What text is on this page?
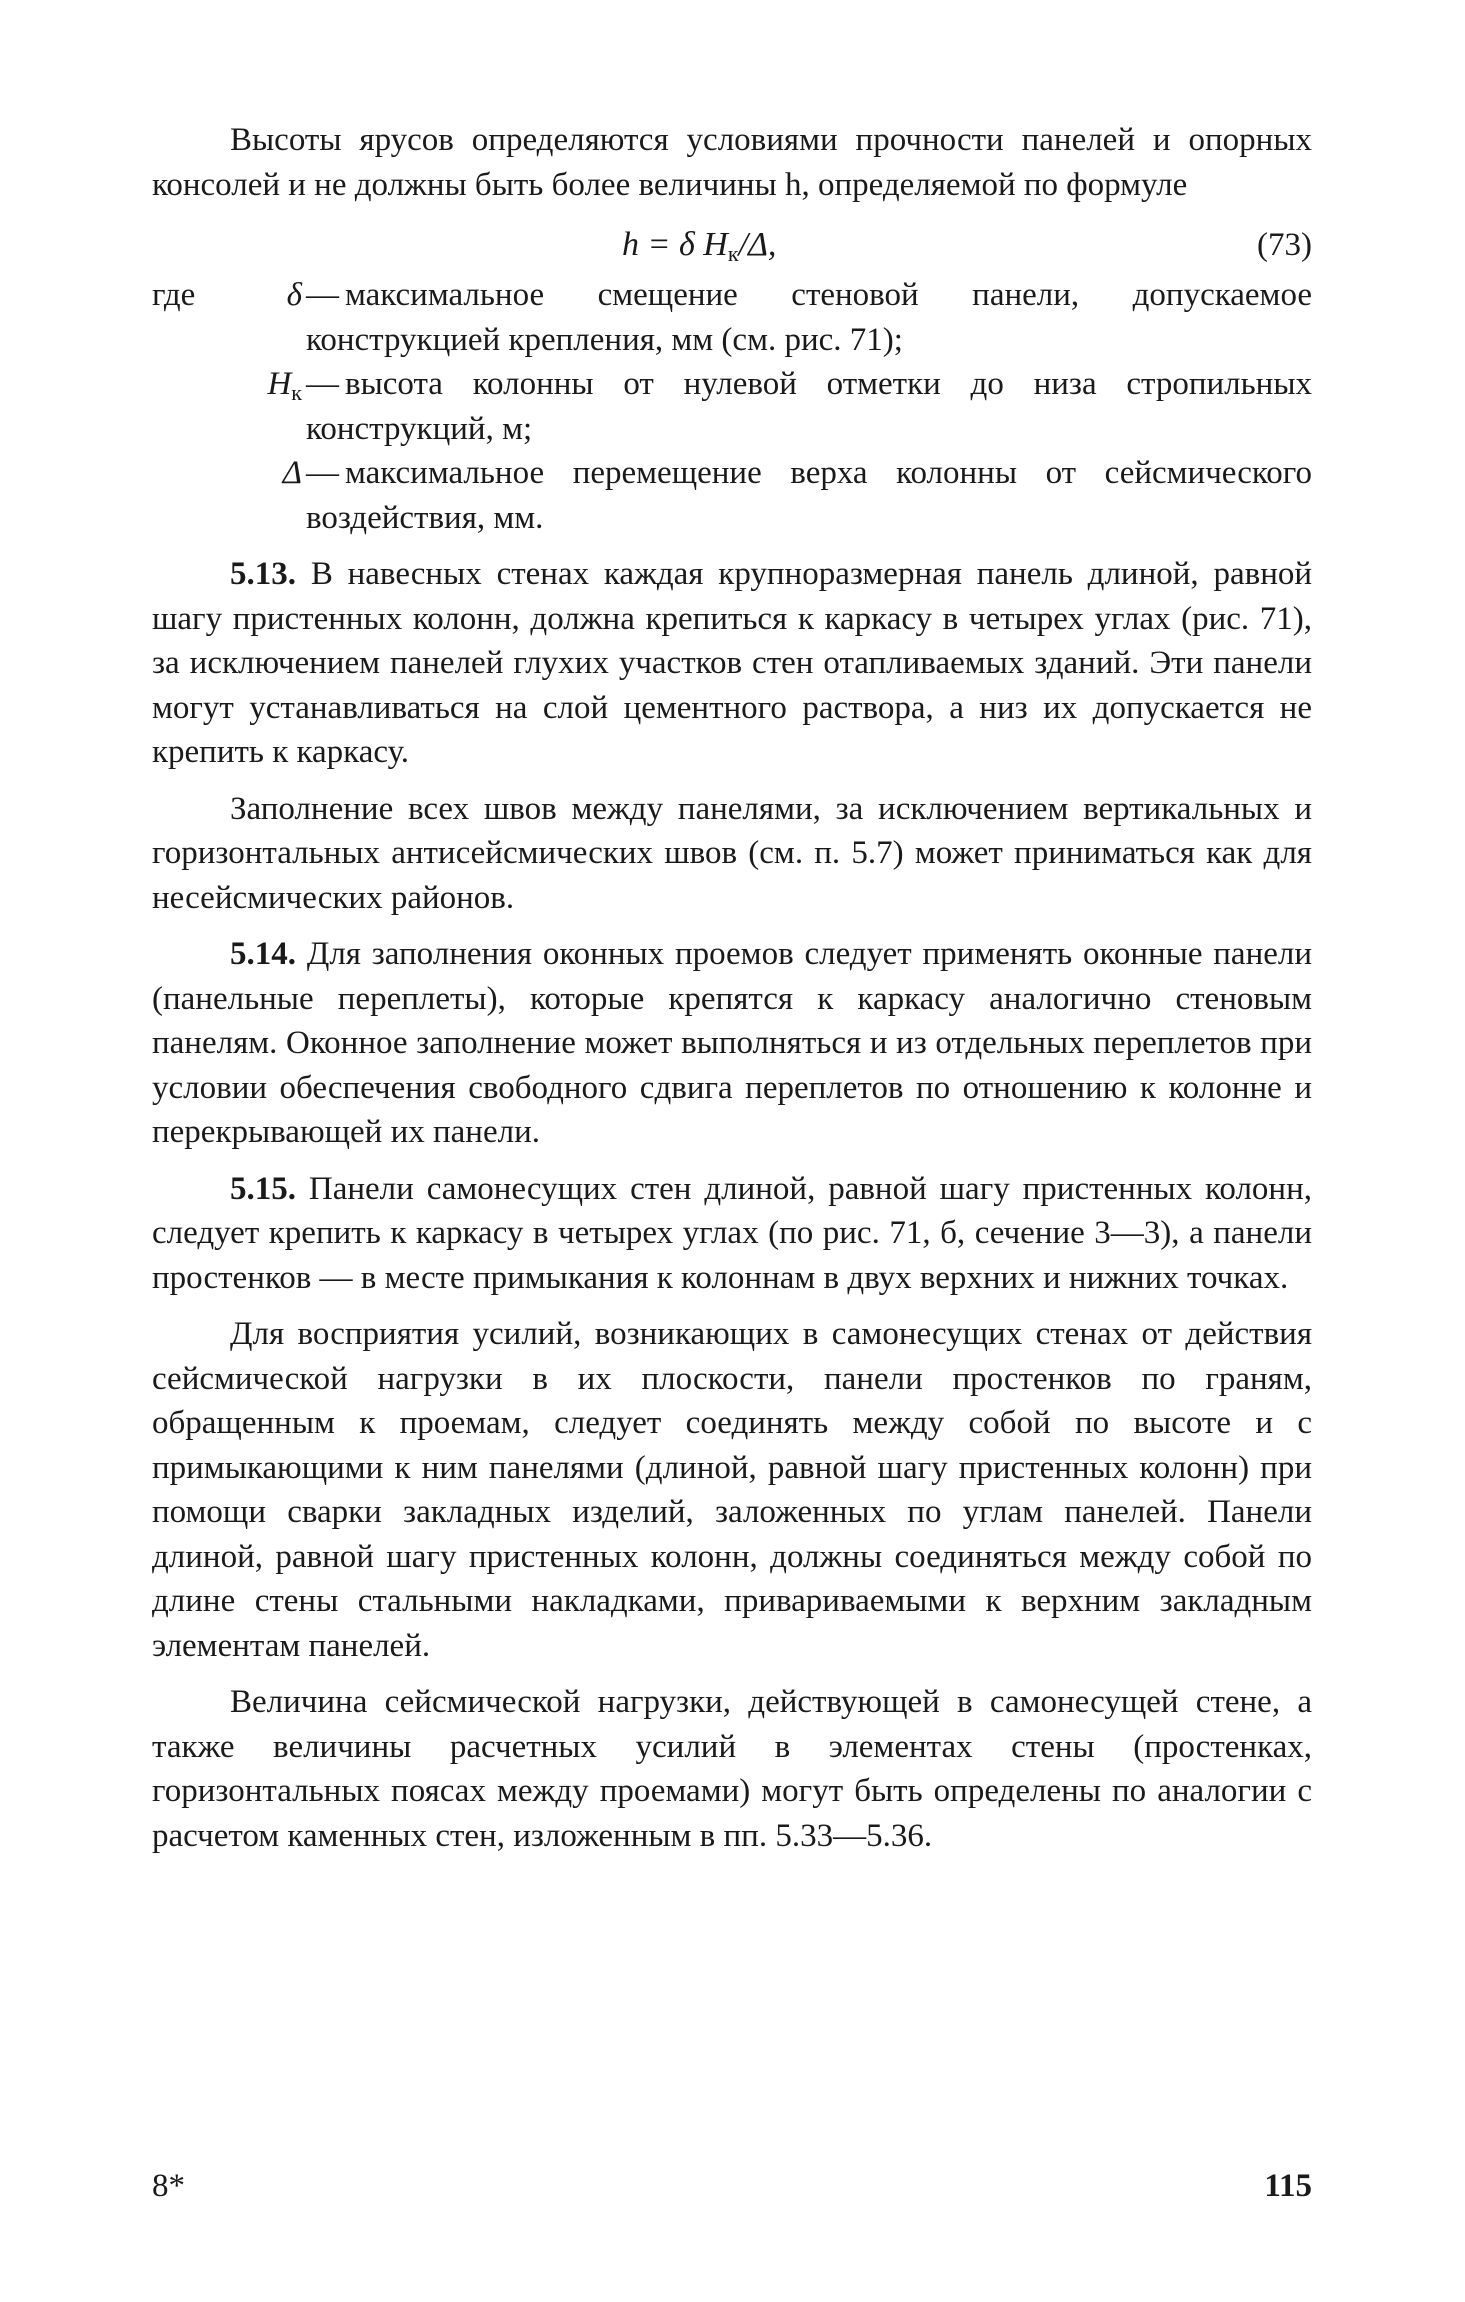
Высоты ярусов определяются условиями прочности панелей и опорных консолей и не должны быть более величины h, определяемой по формуле

h = δ $H_к/\Delta$,	(73)
где	δ — максимальное смещение стеновой панели, допускаемое конструкцией крепления, мм (см. рис. 71);
$H_к$ — высота колонны от нулевой отметки до низа стропильных конструкций, м;
Δ — максимальное перемещение верха колонны от сейсмического воздействия, мм.

5.13. В навесных стенах каждая крупноразмерная панель длиной, равной шагу пристенных колонн, должна крепиться к каркасу в четырех углах (рис. 71), за исключением панелей глухих участков стен отапливаемых зданий. Эти панели могут устанавливаться на слой цементного раствора, а низ их допускается не крепить к каркасу.

Заполнение всех швов между панелями, за исключением вертикальных и горизонтальных антисейсмических швов (см. п. 5.7) может приниматься как для несейсмических районов.

5.14. Для заполнения оконных проемов следует применять оконные панели (панельные переплеты), которые крепятся к каркасу аналогично стеновым панелям. Оконное заполнение может выполняться и из отдельных переплетов при условии обеспечения свободного сдвига переплетов по отношению к колонне и перекрывающей их панели.

5.15. Панели самонесущих стен длиной, равной шагу пристенных колонн, следует крепить к каркасу в четырех углах (по рис. 71, б, сечение 3—3), а панели простенков — в месте примыкания к колоннам в двух верхних и нижних точках.

Для восприятия усилий, возникающих в самонесущих стенах от действия сейсмической нагрузки в их плоскости, панели простенков по граням, обращенным к проемам, следует соединять между собой по высоте и с примыкающими к ним панелями (длиной, равной шагу пристенных колонн) при помощи сварки закладных изделий, заложенных по углам панелей. Панели длиной, равной шагу пристенных колонн, должны соединяться между собой по длине стены стальными накладками, привариваемыми к верхним закладным элементам панелей.

Величина сейсмической нагрузки, действующей в самонесущей стене, а также величины расчетных усилий в элементах стены (простенках, горизонтальных поясах между проемами) могут быть определены по аналогии с расчетом каменных стен, изложенным в пп. 5.33—5.36.

8*	115
